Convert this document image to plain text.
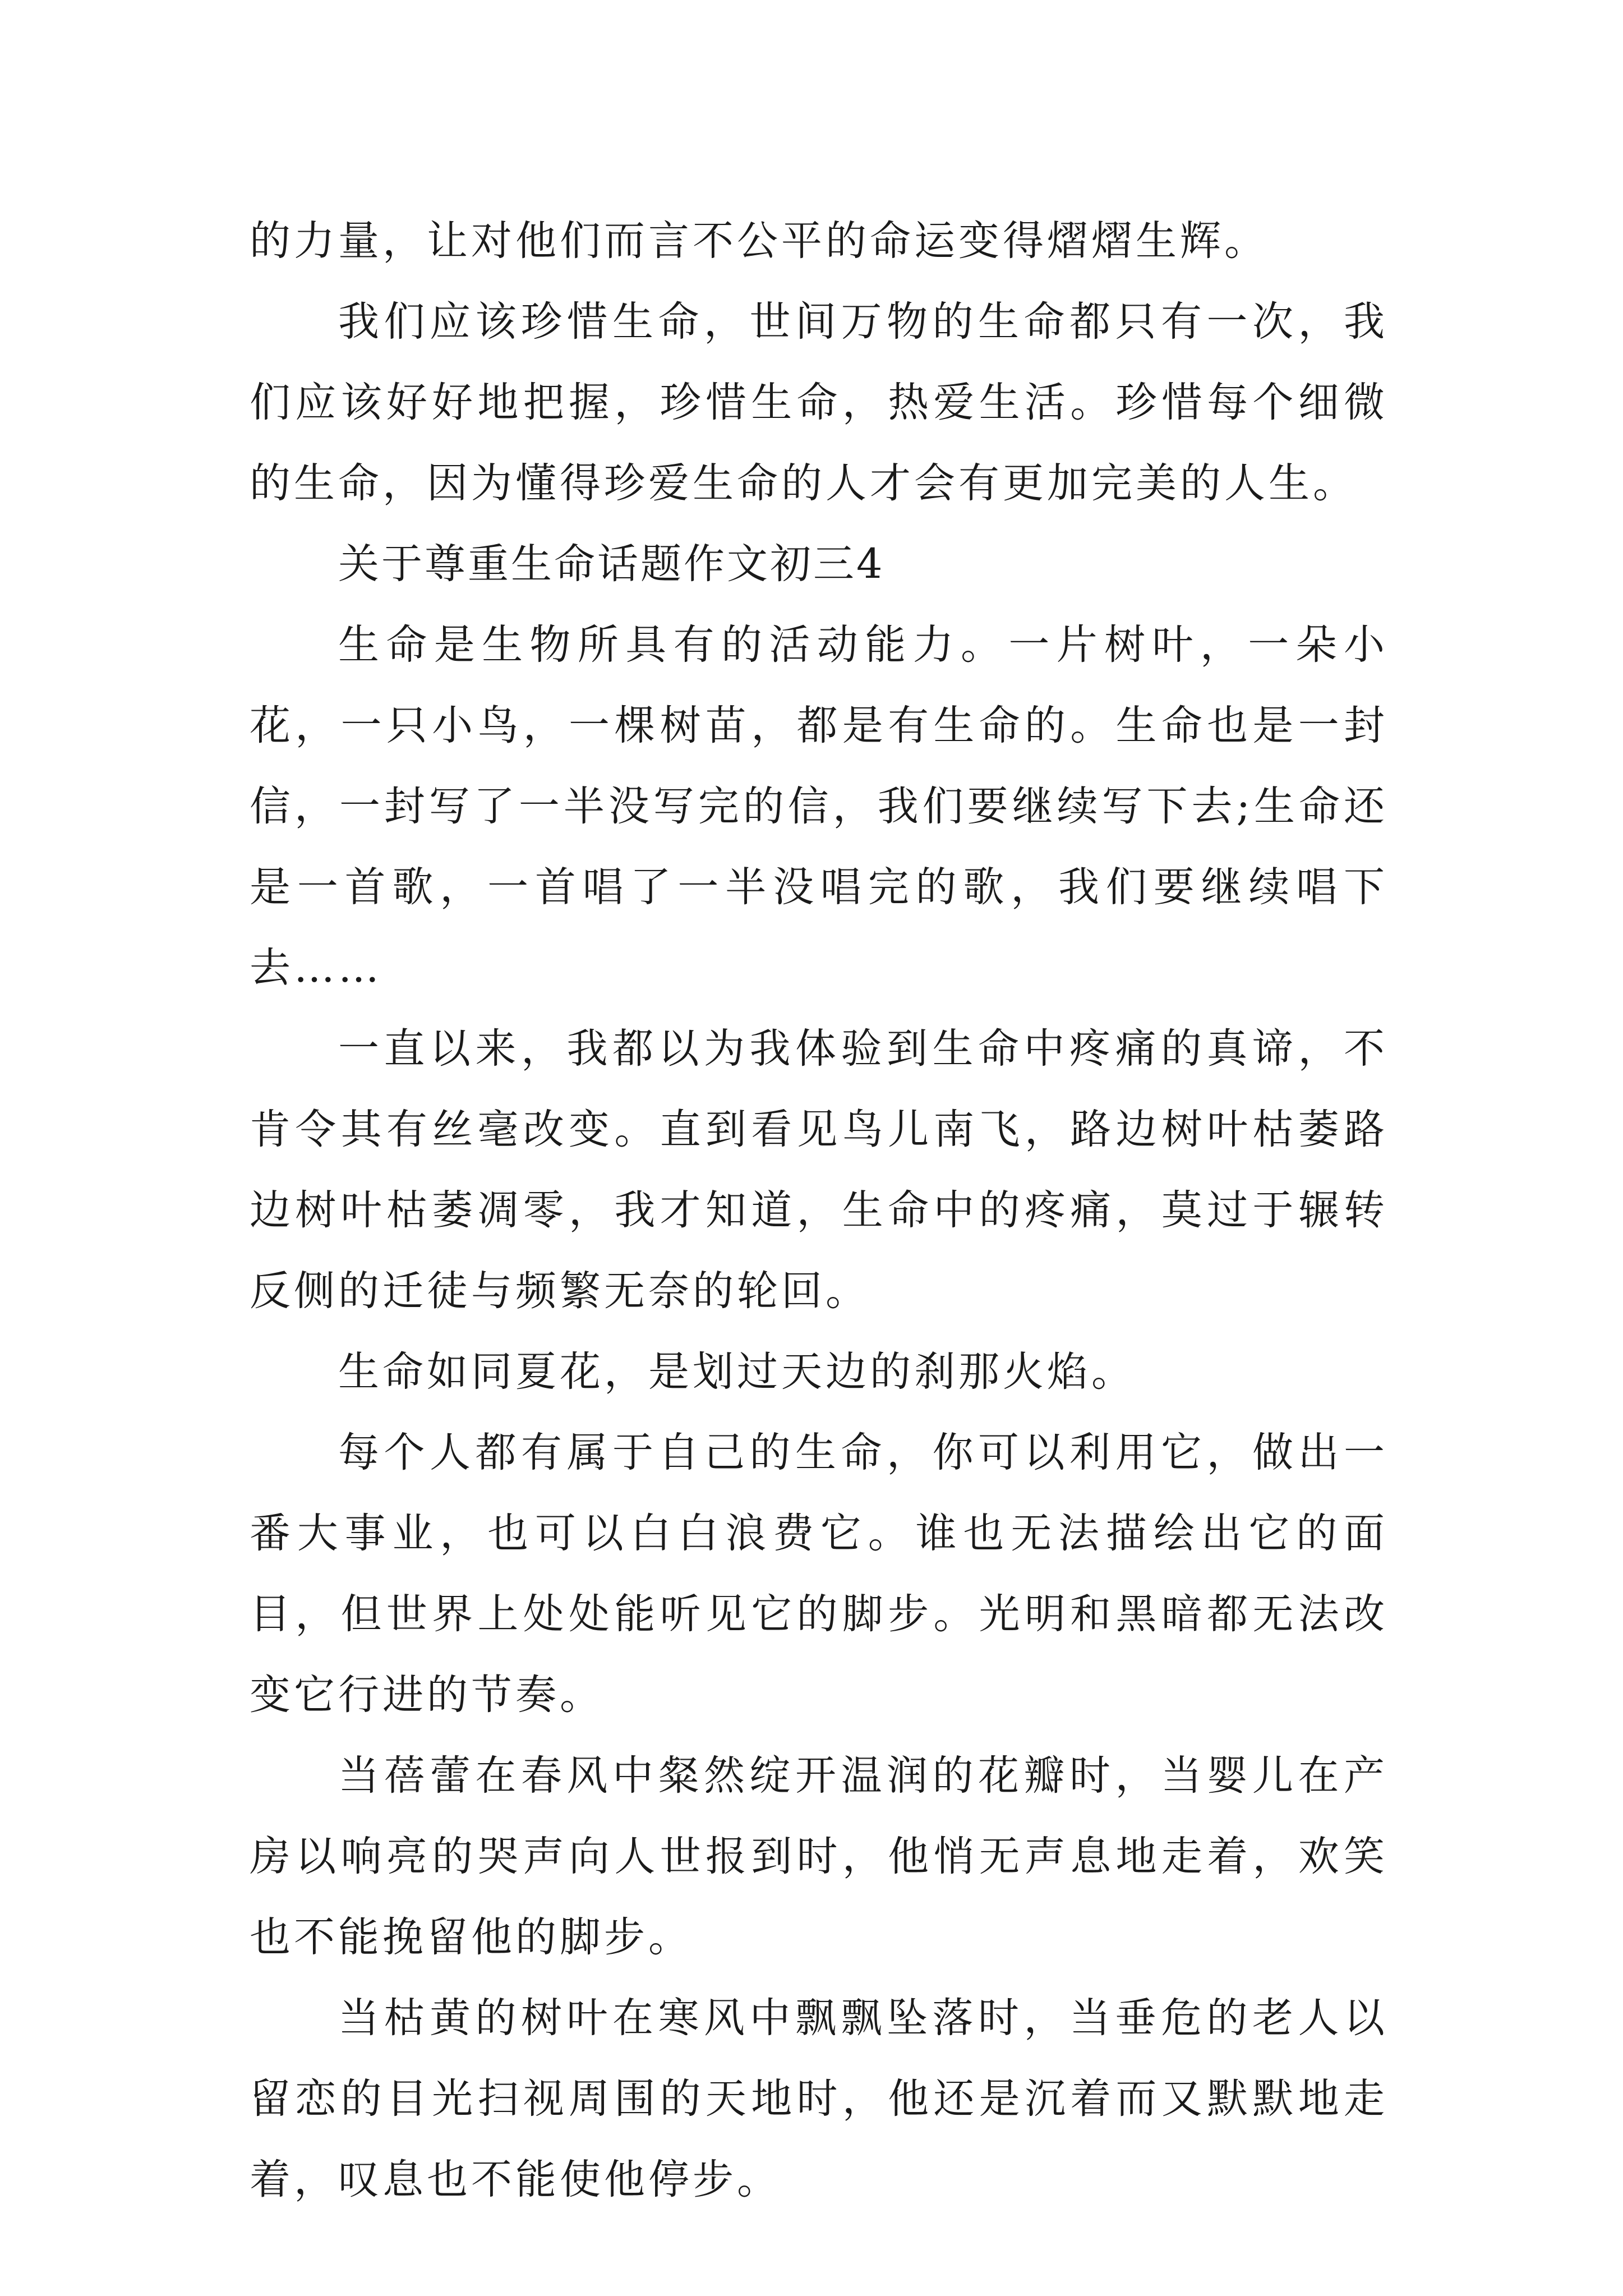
的力量，让对他们而言不公平的命运变得熠熠生辉。

我们应该珍惜生命，世间万物的生命都只有一次，我们应该好好地把握，珍惜生命，热爱生活。珍惜每个细微的生命，因为懂得珍爱生命的人才会有更加完美的人生。

关于尊重生命话题作文初三4

生命是生物所具有的活动能力。一片树叶，一朵小花，一只小鸟，一棵树苗，都是有生命的。生命也是一封信，一封写了一半没写完的信，我们要继续写下去;生命还是一首歌，一首唱了一半没唱完的歌，我们要继续唱下去……

一直以来，我都以为我体验到生命中疼痛的真谛，不肯令其有丝毫改变。直到看见鸟儿南飞，路边树叶枯萎路边树叶枯萎凋零，我才知道，生命中的疼痛，莫过于辗转反侧的迁徒与频繁无奈的轮回。

生命如同夏花，是划过天边的刹那火焰。

每个人都有属于自己的生命，你可以利用它，做出一番大事业，也可以白白浪费它。谁也无法描绘出它的面目，但世界上处处能听见它的脚步。光明和黑暗都无法改变它行进的节奏。

当蓓蕾在春风中粲然绽开温润的花瓣时，当婴儿在产房以响亮的哭声向人世报到时，他悄无声息地走着，欢笑也不能挽留他的脚步。

当枯黄的树叶在寒风中飘飘坠落时，当垂危的老人以留恋的目光扫视周围的天地时，他还是沉着而又默默地走着，叹息也不能使他停步。
